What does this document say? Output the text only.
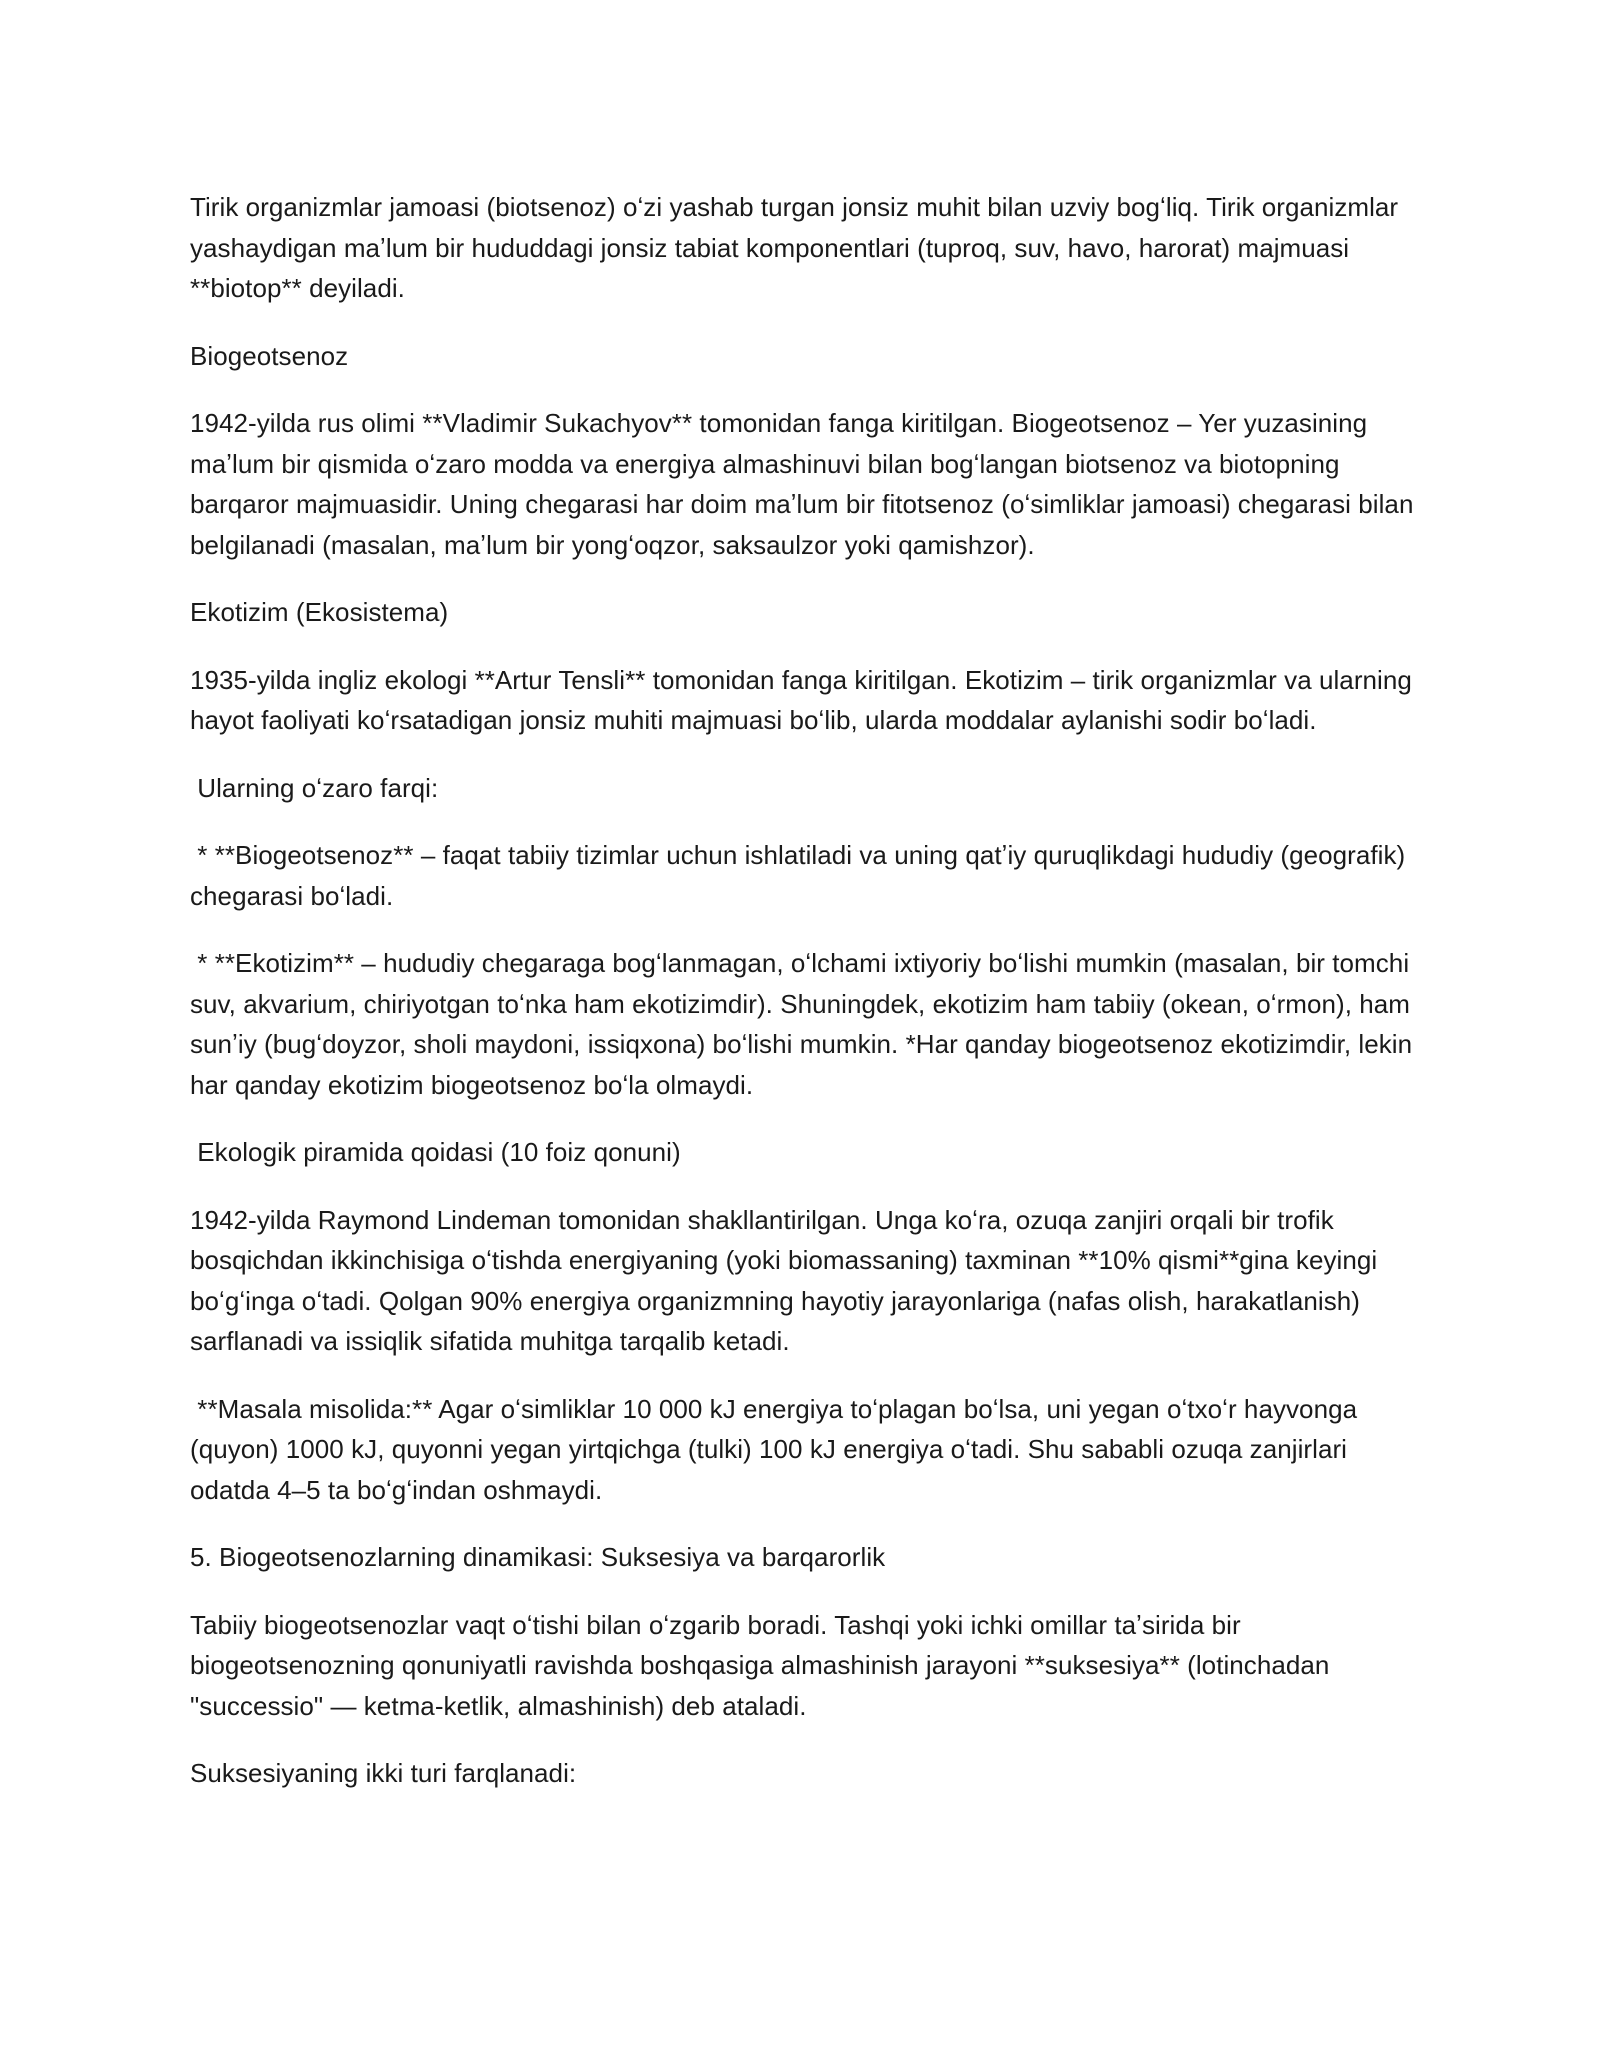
Tirik organizmlar jamoasi (biotsenoz) oʻzi yashab turgan jonsiz muhit bilan uzviy bogʻliq. Tirik organizmlar yashaydigan maʼlum bir hududdagi jonsiz tabiat komponentlari (tuproq, suv, havo, harorat) majmuasi **biotop** deyiladi.

Biogeotsenoz

1942-yilda rus olimi **Vladimir Sukachyov** tomonidan fanga kiritilgan. Biogeotsenoz – Yer yuzasining maʼlum bir qismida oʻzaro modda va energiya almashinuvi bilan bogʻlangan biotsenoz va biotopning barqaror majmuasidir. Uning chegarasi har doim maʼlum bir fitotsenoz (oʻsimliklar jamoasi) chegarasi bilan belgilanadi (masalan, maʼlum bir yongʻoqzor, saksaulzor yoki qamishzor).

Ekotizim (Ekosistema)

1935-yilda ingliz ekologi **Artur Tensli** tomonidan fanga kiritilgan. Ekotizim – tirik organizmlar va ularning hayot faoliyati koʻrsatadigan jonsiz muhiti majmuasi boʻlib, ularda moddalar aylanishi sodir boʻladi.

Ularning oʻzaro farqi:

* **Biogeotsenoz** – faqat tabiiy tizimlar uchun ishlatiladi va uning qatʼiy quruqlikdagi hududiy (geografik) chegarasi boʻladi.

* **Ekotizim** – hududiy chegaraga bogʻlanmagan, oʻlchami ixtiyoriy boʻlishi mumkin (masalan, bir tomchi suv, akvarium, chiriyotgan toʻnka ham ekotizimdir). Shuningdek, ekotizim ham tabiiy (okean, oʻrmon), ham sunʼiy (bugʻdoyzor, sholi maydoni, issiqxona) boʻlishi mumkin. *Har qanday biogeotsenoz ekotizimdir, lekin har qanday ekotizim biogeotsenoz boʻla olmaydi.

Ekologik piramida qoidasi (10 foiz qonuni)

1942-yilda Raymond Lindeman tomonidan shakllantirilgan. Unga koʻra, ozuqa zanjiri orqali bir trofik bosqichdan ikkinchisiga oʻtishda energiyaning (yoki biomassaning) taxminan **10% qismi**gina keyingi boʻgʻinga oʻtadi. Qolgan 90% energiya organizmning hayotiy jarayonlariga (nafas olish, harakatlanish) sarflanadi va issiqlik sifatida muhitga tarqalib ketadi.

**Masala misolida:** Agar oʻsimliklar 10 000 kJ energiya toʻplagan boʻlsa, uni yegan oʻtxoʻr hayvonga (quyon) 1000 kJ, quyonni yegan yirtqichga (tulki) 100 kJ energiya oʻtadi. Shu sababli ozuqa zanjirlari odatda 4–5 ta boʻgʻindan oshmaydi.

5. Biogeotsenozlarning dinamikasi: Suksesiya va barqarorlik

Tabiiy biogeotsenozlar vaqt oʻtishi bilan oʻzgarib boradi. Tashqi yoki ichki omillar taʼsirida bir biogeotsenozning qonuniyatli ravishda boshqasiga almashinish jarayoni **suksesiya** (lotinchadan "successio" — ketma-ketlik, almashinish) deb ataladi.

Suksesiyaning ikki turi farqlanadi:
